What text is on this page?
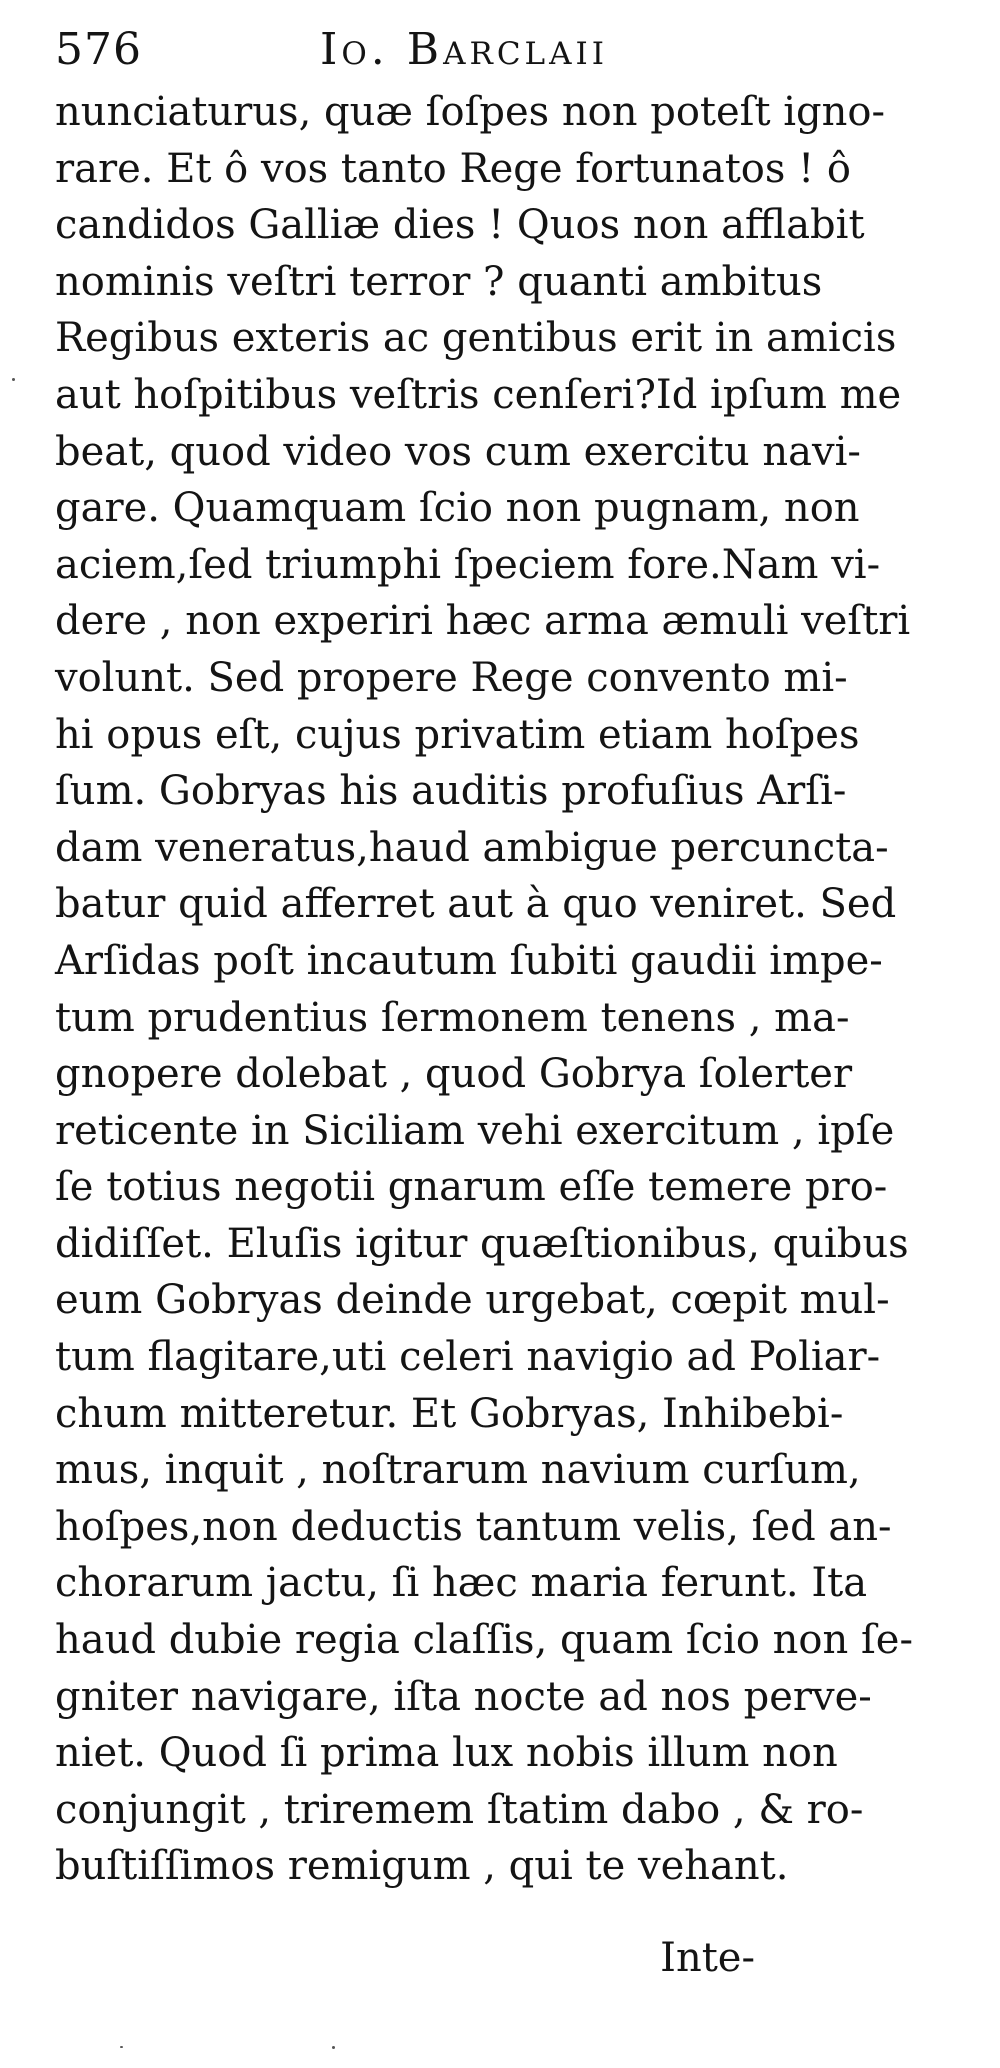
576	Io. Barclaii
nunciaturus, quæ ſoſpes non poteſt igno-
rare. Et ô vos tanto Rege fortunatos ! ô
candidos Galliæ dies ! Quos non afflabit
nominis veſtri terror ? quanti ambitus
Regibus exteris ac gentibus erit in amicis
aut hoſpitibus veſtris cenſeri?Id ipſum me
beat, quod video vos cum exercitu navi-
gare. Quamquam ſcio non pugnam, non
aciem,ſed triumphi ſpeciem fore.Nam vi-
dere , non experiri hæc arma æmuli veſtri
volunt. Sed propere Rege convento mi-
hi opus eſt, cujus privatim etiam hoſpes
ſum. Gobryas his auditis profuſius Arſi-
dam veneratus,haud ambigue percunctа-
batur quid afferret aut à quo veniret. Sed
Arſidas poſt incautum ſubiti gaudii impe-
tum prudentius ſermonem tenens , ma-
gnopere dolebat , quod Gobrya ſolerter
reticente in Siciliam vehi exercitum , ipſe
ſe totius negotii gnarum eſſe temere pro-
didiſſet. Eluſis igitur quæſtionibus, quibus
eum Gobryas deinde urgebat, cœpit mul-
tum flagitare,uti celeri navigio ad Poliar-
chum mitteretur. Et Gobryas, Inhibebi-
mus, inquit , noſtrarum navium curſum,
hoſpes,non deductis tantum velis, ſed an-
chorarum jactu, ſi hæc maria ferunt. Ita
haud dubie regia claſſis, quam ſcio non ſe-
gniter navigare, iſta nocte ad nos perve-
niet. Quod ſi prima lux nobis illum non
conjungit , triremem ſtatim dabo , & ro-
buſtiſſimos remigum , qui te vehant.
Inte-
